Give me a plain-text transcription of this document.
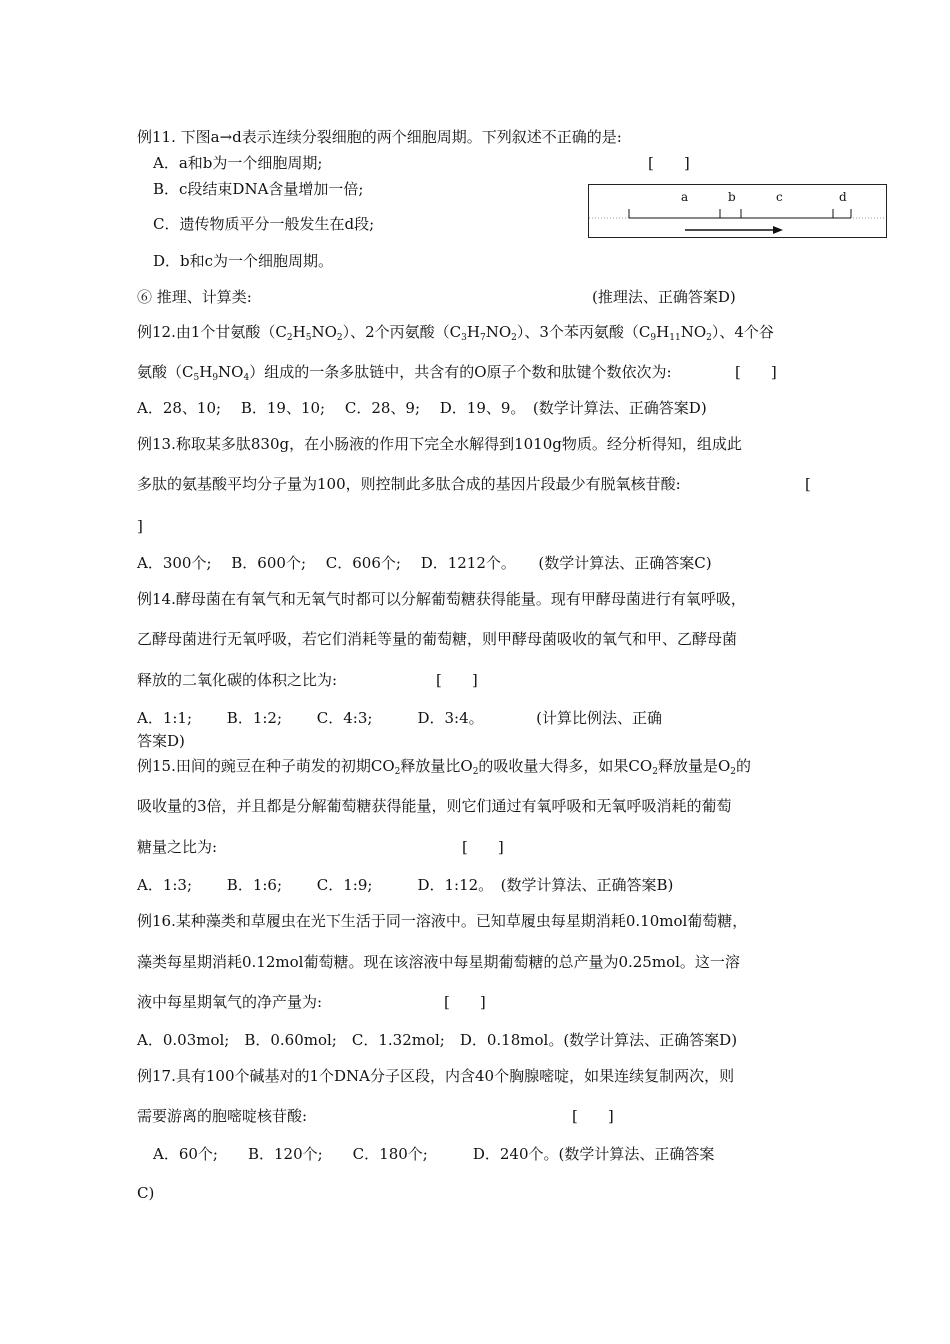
例11. 下图a→d表示连续分裂细胞的两个细胞周期。下列叙述不正确的是:
A．a和b为一个细胞周期;	[　　]
B．c段结束DNA含量增加一倍;
C．遗传物质平分一般发生在d段;
D．b和c为一个细胞周期。
a	b	c	d
⑥ 推理、计算类:	(推理法、正确答案D)
例12.由1个甘氨酸$(C_2H_5NO_2)$、2个丙氨酸$(C_3H_7NO_2)$、3个苯丙氨酸$(C_9H_{11}NO_2)$、4个谷
氨酸$(C_5H_9NO_4)$组成的一条多肽链中，共含有的O原子个数和肽键个数依次为:	[　　]
A．28、10;　 B．19、10;　 C．28、9;　 D．19、9。　(数学计算法、正确答案D)
例13.称取某多肽830g，在小肠液的作用下完全水解得到1010g物质。经分析得知，组成此
多肽的氨基酸平均分子量为100，则控制此多肽合成的基因片段最少有脱氧核苷酸:	[
]
A．300个;　 B．600个;　 C．606个;　 D．1212个。　　(数学计算法、正确答案C)
例14.酵母菌在有氧气和无氧气时都可以分解葡萄糖获得能量。现有甲酵母菌进行有氧呼吸，
乙酵母菌进行无氧呼吸，若它们消耗等量的葡萄糖，则甲酵母菌吸收的氧气和甲、乙酵母菌
释放的二氧化碳的体积之比为:	[　　]
A．1:1;　　 B．1:2;　　 C．4:3;　　　D．3:4。　　　　(计算比例法、正确
答案D)
例15.田间的豌豆在种子萌发的初期$CO_2$释放量比$O_2$的吸收量大得多，如果$CO_2$释放量是$O_2$的
吸收量的3倍，并且都是分解葡萄糖获得能量，则它们通过有氧呼吸和无氧呼吸消耗的葡萄
糖量之比为:	[　　]
A．1:3;　　 B．1:6;　　 C．1:9;　　　D．1:12。　(数学计算法、正确答案B)
例16.某种藻类和草履虫在光下生活于同一溶液中。已知草履虫每星期消耗0.10mol葡萄糖，
藻类每星期消耗0.12mol葡萄糖。现在该溶液中每星期葡萄糖的总产量为0.25mol。这一溶
液中每星期氧气的净产量为:	[　　]
A．0.03mol;　B．0.60mol;　C．1.32mol;　D．0.18mol。(数学计算法、正确答案D)
例17.具有100个碱基对的1个DNA分子区段，内含40个胸腺嘧啶，如果连续复制两次，则
需要游离的胞嘧啶核苷酸:	[　　]
A．60个;　　B．120个;　　C．180个;　　　D．240个。(数学计算法、正确答案
C)
